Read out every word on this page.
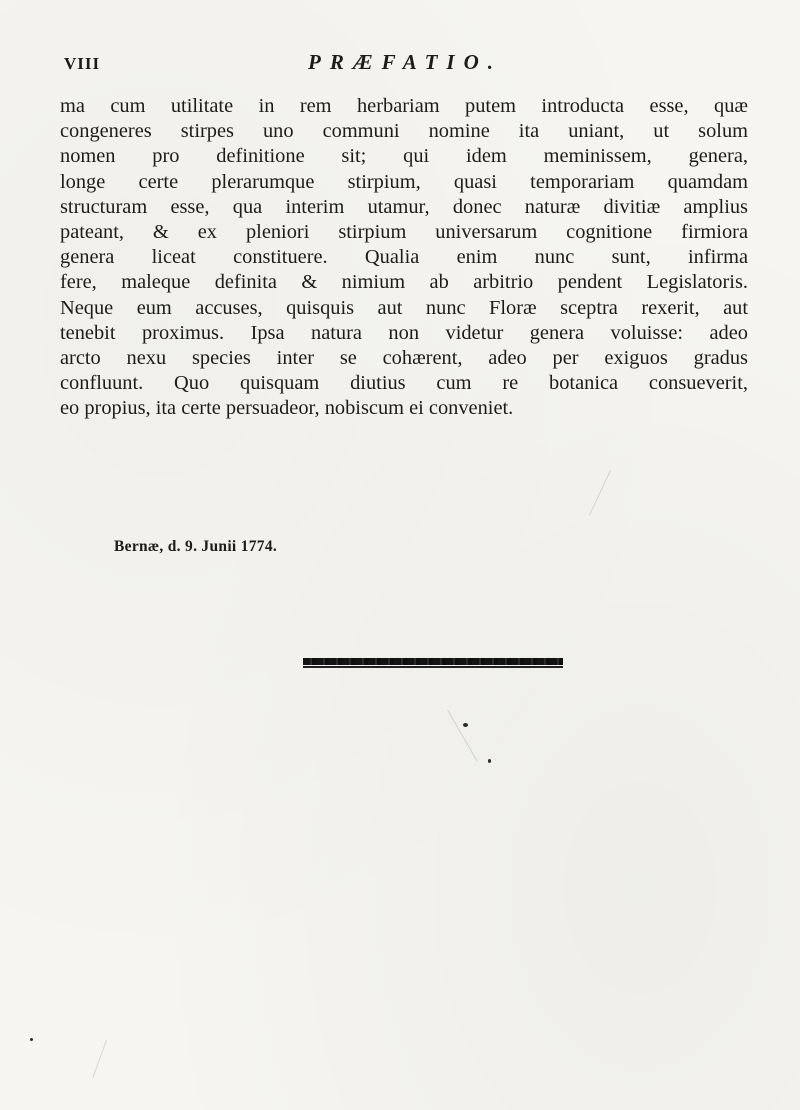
VIII	PRÆFATIO.
ma cum utilitate in rem herbariam putem introducta esse, quæ
congeneres stirpes uno communi nomine ita uniant, ut solum
nomen pro definitione sit; qui idem meminissem, genera,
longe certe plerarumque stirpium, quasi temporariam quamdam
structuram esse, qua interim utamur, donec naturæ divitiæ amplius
pateant, & ex pleniori stirpium universarum cognitione firmiora
genera liceat constituere. Qualia enim nunc sunt, infirma
fere, maleque definita & nimium ab arbitrio pendent Legislatoris.
Neque eum accuses, quisquis aut nunc Floræ sceptra rexerit, aut
tenebit proximus. Ipsa natura non videtur genera voluisse: adeo
arcto nexu species inter se cohærent, adeo per exiguos gradus
confluunt. Quo quisquam diutius cum re botanica consueverit,
eo propius, ita certe persuadeor, nobiscum ei conveniet.
Bernæ, d. 9. Junii 1774.
